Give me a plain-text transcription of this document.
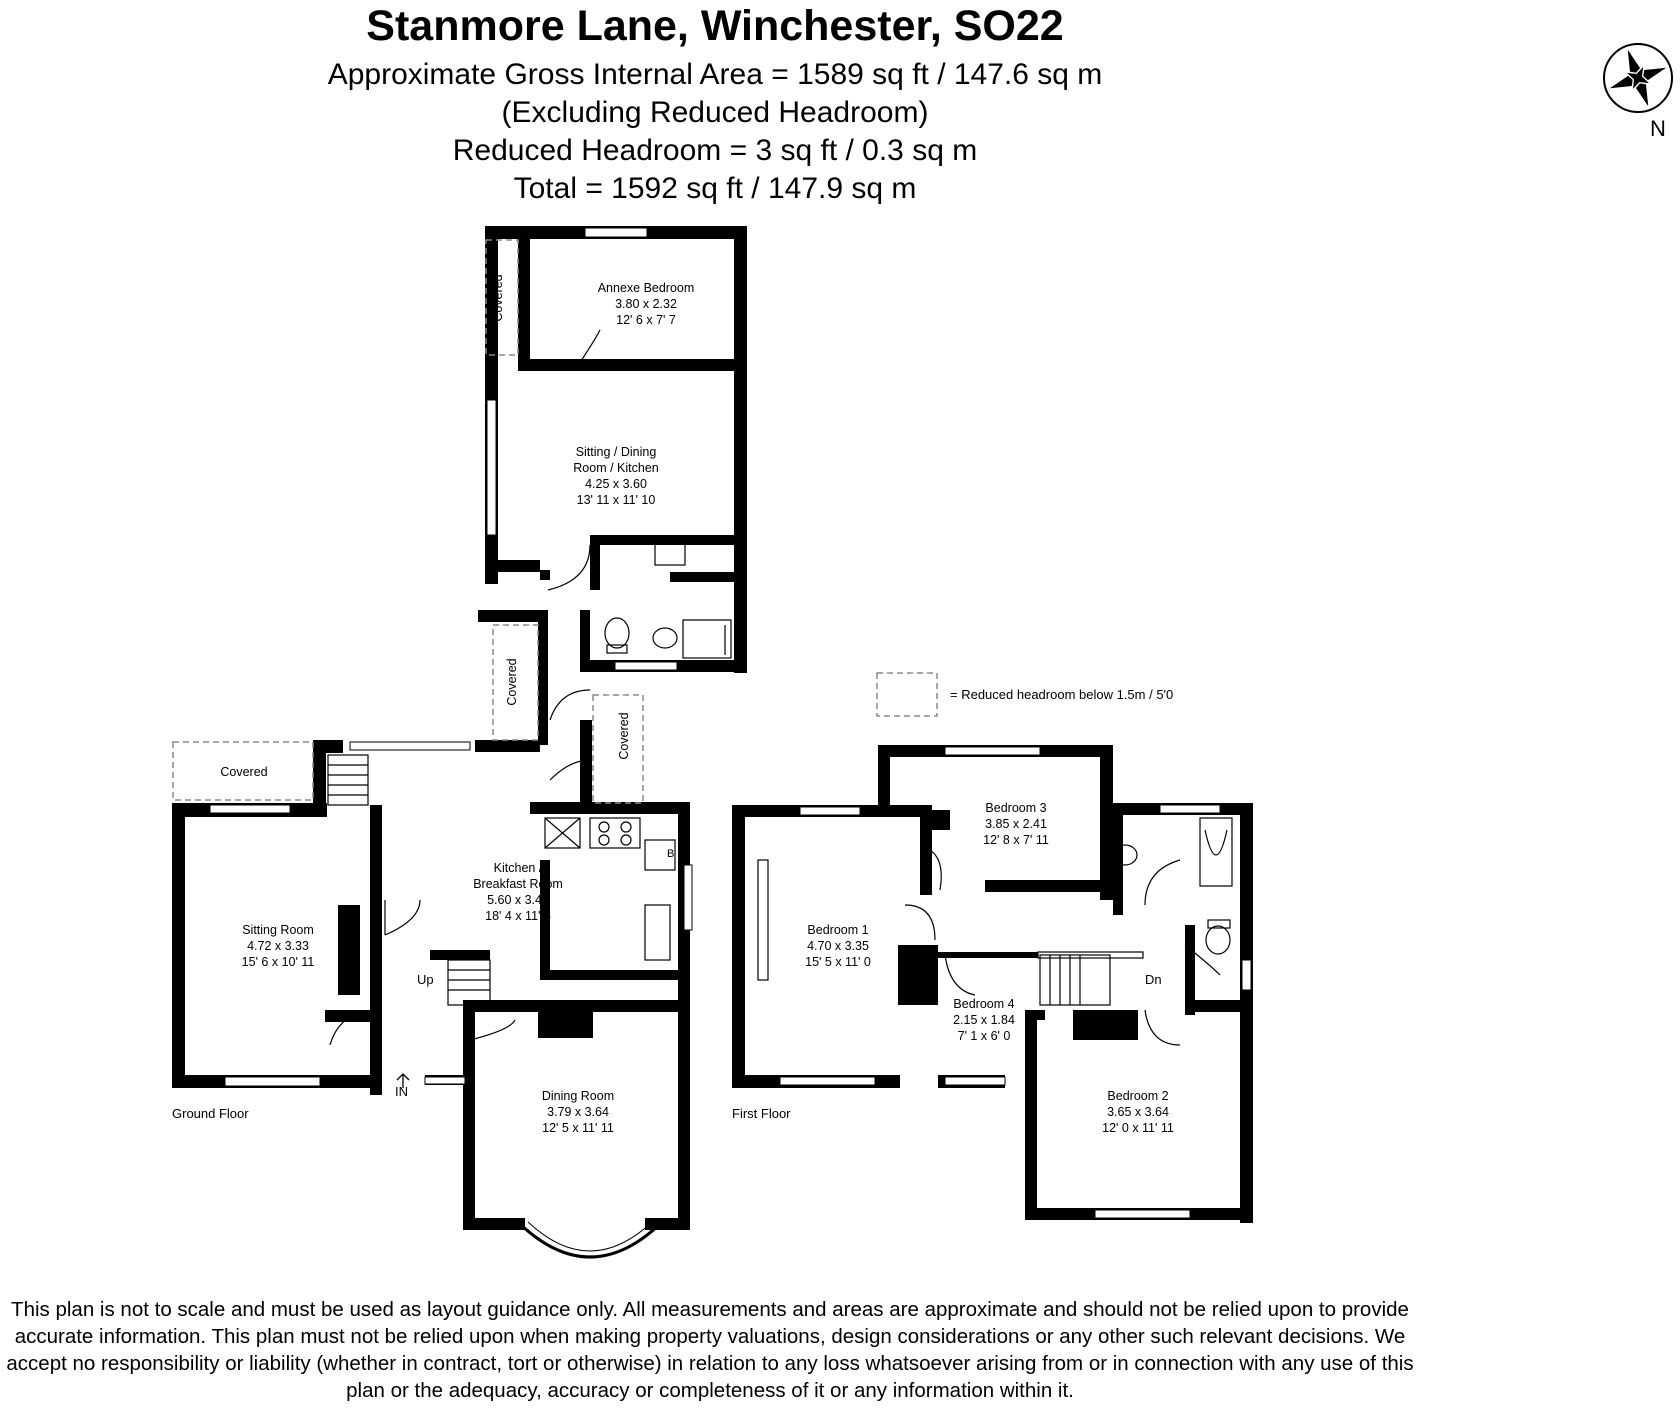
Stanmore Lane, Winchester, SO22
Approximate Gross Internal Area = 1589 sq ft / 147.6 sq m
(Excluding Reduced Headroom)
Reduced Headroom = 3 sq ft / 0.3 sq m
Total = 1592 sq ft / 147.9 sq m
N
Annexe Bedroom
3.80 x 2.32
12' 6 x 7' 7
Sitting / Dining
Room / Kitchen
4.25 x 3.60
13' 11 x 11' 10
Kitchen /
Breakfast Room
5.60 x 3.48
18' 4 x 11' 5
Sitting Room
4.72 x 3.33
15' 6 x 10' 11
Dining Room
3.79 x 3.64
12' 5 x 11' 11
Bedroom 1
4.70 x 3.35
15' 5 x 11' 0
Bedroom 2
3.65 x 3.64
12' 0 x 11' 11
Bedroom 3
3.85 x 2.41
12' 8 x 7' 11
Bedroom 4
2.15 x 1.84
7' 1 x 6' 0
Covered
Covered
Covered
Covered
Up	Dn
IN
B
Ground Floor	First Floor
= Reduced headroom below 1.5m / 5'0
This plan is not to scale and must be used as layout guidance only. All measurements and areas are approximate and should not be relied upon to provide accurate information. This plan must not be relied upon when making property valuations, design considerations or any other such relevant decisions. We accept no responsibility or liability (whether in contract, tort or otherwise) in relation to any loss whatsoever arising from or in connection with any use of this plan or the adequacy, accuracy or completeness of it or any information within it.
